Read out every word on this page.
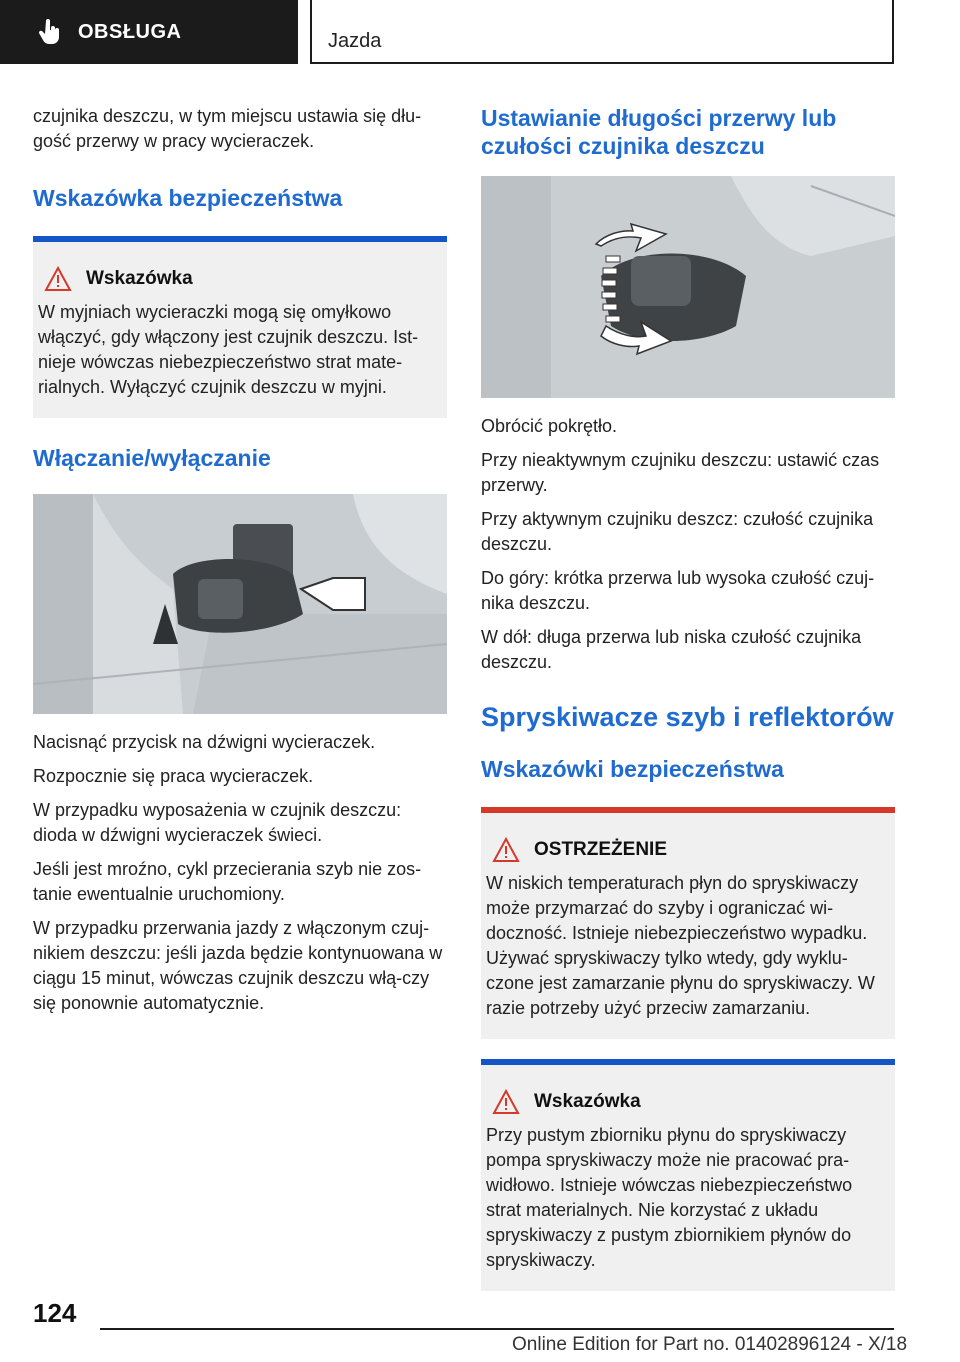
OBSŁUGA	Jazda

czujnika deszczu, w tym miejscu ustawia się dłu-gość przerwy w pracy wycieraczek.

Wskazówka bezpieczeństwa
Wskazówka

W myjniach wycieraczki mogą się omyłkowo włączyć, gdy włączony jest czujnik deszczu. Ist-nieje wówczas niebezpieczeństwo strat mate-rialnych. Wyłączyć czujnik deszczu w myjni.

Włączanie/wyłączanie

Nacisnąć przycisk na dźwigni wycieraczek.

Rozpocznie się praca wycieraczek.

W przypadku wyposażenia w czujnik deszczu: dioda w dźwigni wycieraczek świeci.

Jeśli jest mroźno, cykl przecierania szyb nie zos-tanie ewentualnie uruchomiony.

W przypadku przerwania jazdy z włączonym czuj-nikiem deszczu: jeśli jazda będzie kontynuowana w ciągu 15 minut, wówczas czujnik deszczu włą-czy się ponownie automatycznie.

Ustawianie długości przerwy lub czułości czujnika deszczu

Obrócić pokrętło.

Przy nieaktywnym czujniku deszczu: ustawić czas przerwy.

Przy aktywnym czujniku deszcz: czułość czujnika deszczu.

Do góry: krótka przerwa lub wysoka czułość czuj-nika deszczu.

W dół: długa przerwa lub niska czułość czujnika deszczu.

Spryskiwacze szyb i reflektorów
Wskazówki bezpieczeństwa
OSTRZEŻENIE

W niskich temperaturach płyn do spryskiwaczy może przymarzać do szyby i ograniczać wi-doczność. Istnieje niebezpieczeństwo wypadku. Używać spryskiwaczy tylko wtedy, gdy wyklu-czone jest zamarzanie płynu do spryskiwaczy. W razie potrzeby użyć przeciw zamarzaniu.

Wskazówka

Przy pustym zbiorniku płynu do spryskiwaczy pompa spryskiwaczy może nie pracować pra-widłowo. Istnieje wówczas niebezpieczeństwo strat materialnych. Nie korzystać z układu spryskiwaczy z pustym zbiornikiem płynów do spryskiwaczy.

124
Online Edition for Part no. 01402896124 - X/18
